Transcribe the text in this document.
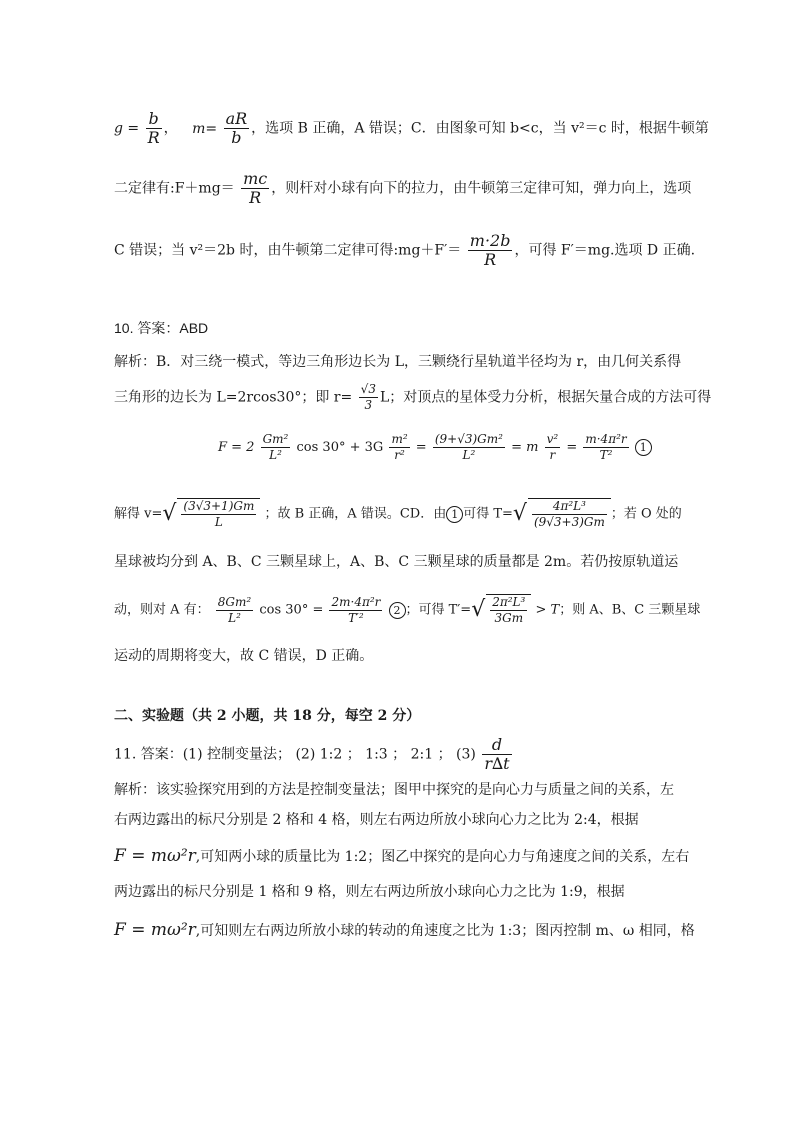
$g = \frac{b}{R}$ ， $m= \frac{aR}{b}$ ，选项 B 正确，A 错误；C．由图象可知 b<c，当 v²＝c 时，根据牛顿第
二定律有:F＋mg＝ $\frac{mc}{R}$ ，则杆对小球有向下的拉力，由牛顿第三定律可知，弹力向上，选项
C 错误；当 v²＝2b 时，由牛顿第二定律可得:mg＋F′＝ $\frac{m\cdot 2b}{R}$ ，可得 F′＝mg.选项 D 正确.
10. 答案：ABD
解析：B．对三绕一模式，等边三角形边长为 L，三颗绕行星轨道半径均为 r，由几何关系得
三角形的边长为 L=2rcos30°；即 $r= \frac{√3}{3}$ L；对顶点的星体受力分析，根据矢量合成的方法可得
$F = 2 \frac{\text{Gm²}}{\text{L²}}$ $\cos 30^\circ + 3G \frac{\text{m²}}{\text{r²}} = \frac{\text{(9+√3)Gm²}}{\text{L²}} = m \frac{\text{v²}}{r} = \frac{\text{m·4π²r}}{\text{T²}} 1$
解得 $v=√ \frac{(3√3+1)Gm}{L}$ ；故 B 正确，A 错误。CD．由 1 可得 $T=√ \frac{\text{4π²L³}}{(9√3+3)Gm}$ ；若 O 处的
星球被均分到 A、B、C 三颗星球上，A、B、C 三颗星球的质量都是 2m。若仍按原轨道运
动，则对 A 有： $\frac{\text{8Gm²}}{\text{L²}}$ $\cos 30^\circ = \frac{\text{2m·4π²r}}{\text{T′²}} 2$ ；可得 $T'=√ \frac{\text{2π²L³}}{3Gm} > T$；则 A、B、C 三颗星球
运动的周期将变大，故 C 错误，D 正确。
二、实验题（共 2 小题，共 18 分，每空 2 分）
11. 答案：(1) 控制变量法； (2) 1:2 ； 1:3 ； 2:1 ； $(3) \frac{d}{r\Delta t}$
解析：该实验探究用到的方法是控制变量法；图甲中探究的是向心力与质量之间的关系，左
右两边露出的标尺分别是 2 格和 4 格，则左右两边所放小球向心力之比为 2:4，根据
F = mω²r,可知两小球的质量比为 1:2；图乙中探究的是向心力与角速度之间的关系，左右
两边露出的标尺分别是 1 格和 9 格，则左右两边所放小球向心力之比为 1:9，根据
F = mω²r,可知则左右两边所放小球的转动的角速度之比为 1:3；图丙控制 m、ω 相同，格
